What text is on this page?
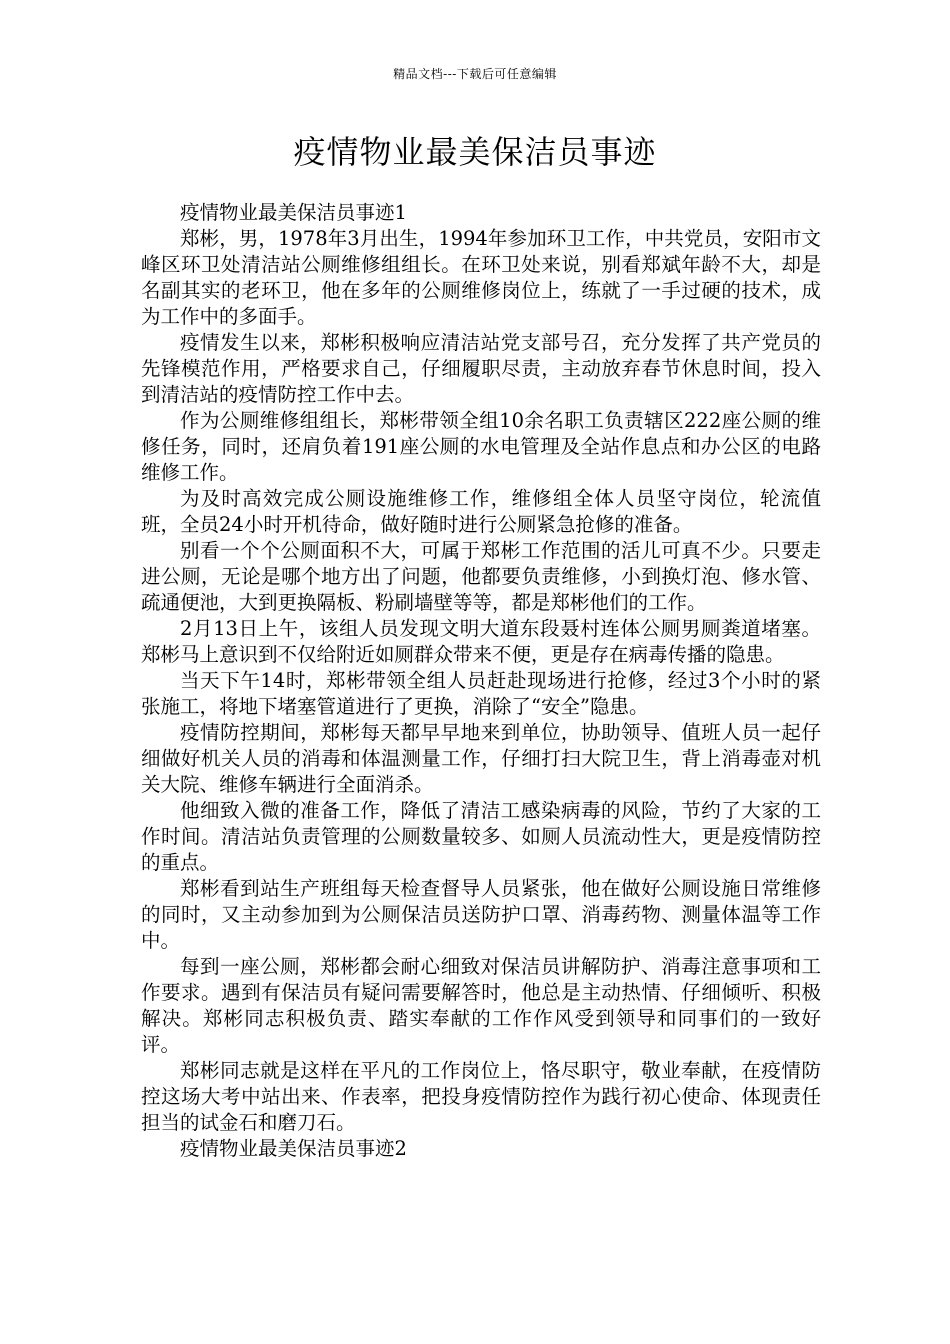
精品文档---下载后可任意编辑
疫情物业最美保洁员事迹

疫情物业最美保洁员事迹1

郑彬，男，1978年3月出生，1994年参加环卫工作，中共党员，安阳市文峰区环卫处清洁站公厕维修组组长。在环卫处来说，别看郑斌年龄不大，却是名副其实的老环卫，他在多年的公厕维修岗位上，练就了一手过硬的技术，成为工作中的多面手。

疫情发生以来，郑彬积极响应清洁站党支部号召，充分发挥了共产党员的先锋模范作用，严格要求自己，仔细履职尽责，主动放弃春节休息时间，投入到清洁站的疫情防控工作中去。

作为公厕维修组组长，郑彬带领全组10余名职工负责辖区222座公厕的维修任务，同时，还肩负着191座公厕的水电管理及全站作息点和办公区的电路维修工作。

为及时高效完成公厕设施维修工作，维修组全体人员坚守岗位，轮流值班，全员24小时开机待命，做好随时进行公厕紧急抢修的准备。

别看一个个公厕面积不大，可属于郑彬工作范围的活儿可真不少。只要走进公厕，无论是哪个地方出了问题，他都要负责维修，小到换灯泡、修水管、疏通便池，大到更换隔板、粉刷墙壁等等，都是郑彬他们的工作。

2月13日上午，该组人员发现文明大道东段聂村连体公厕男厕粪道堵塞。郑彬马上意识到不仅给附近如厕群众带来不便，更是存在病毒传播的隐患。

当天下午14时，郑彬带领全组人员赶赴现场进行抢修，经过3个小时的紧张施工，将地下堵塞管道进行了更换，消除了“安全”隐患。

疫情防控期间，郑彬每天都早早地来到单位，协助领导、值班人员一起仔细做好机关人员的消毒和体温测量工作，仔细打扫大院卫生，背上消毒壶对机关大院、维修车辆进行全面消杀。

他细致入微的准备工作，降低了清洁工感染病毒的风险，节约了大家的工作时间。清洁站负责管理的公厕数量较多、如厕人员流动性大，更是疫情防控的重点。

郑彬看到站生产班组每天检查督导人员紧张，他在做好公厕设施日常维修的同时，又主动参加到为公厕保洁员送防护口罩、消毒药物、测量体温等工作中。

每到一座公厕，郑彬都会耐心细致对保洁员讲解防护、消毒注意事项和工作要求。遇到有保洁员有疑问需要解答时，他总是主动热情、仔细倾听、积极解决。郑彬同志积极负责、踏实奉献的工作作风受到领导和同事们的一致好评。

郑彬同志就是这样在平凡的工作岗位上，恪尽职守，敬业奉献，在疫情防控这场大考中站出来、作表率，把投身疫情防控作为践行初心使命、体现责任担当的试金石和磨刀石。

疫情物业最美保洁员事迹2
